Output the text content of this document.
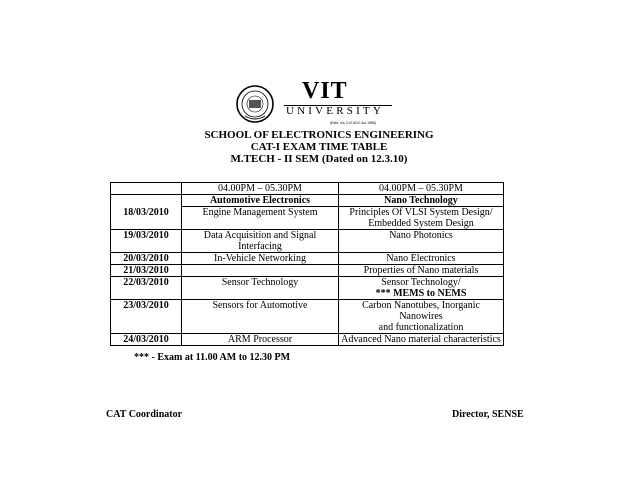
VIT
UNIVERSITY
(Estd. u/s 3 of UGC Act 1956)
SCHOOL OF ELECTRONICS ENGINEERING
CAT-I EXAM TIME TABLE
M.TECH - II SEM (Dated on 12.3.10)
	04.00PM – 05.30PM	04.00PM – 05.30PM
18/03/2010	Automotive Electronics	Nano Technology
	Engine Management System	Principles Of VLSI System Design/
Embedded System Design

19/03/2010	Data Acquisition and Signal Interfacing	Nano Photonics
20/03/2010	In-Vehicle Networking	Nano Electronics
21/03/2010		Properties of Nano materials
22/03/2010	Sensor Technology	Sensor Technology/
*** MEMS to NEMS

23/03/2010	Sensors for Automotive	Carbon Nanotubes, Inorganic Nanowires
and functionalization

24/03/2010	ARM Processor	Advanced Nano material characteristics
*** - Exam at 11.00 AM to 12.30 PM
CAT Coordinator	Director, SENSE
